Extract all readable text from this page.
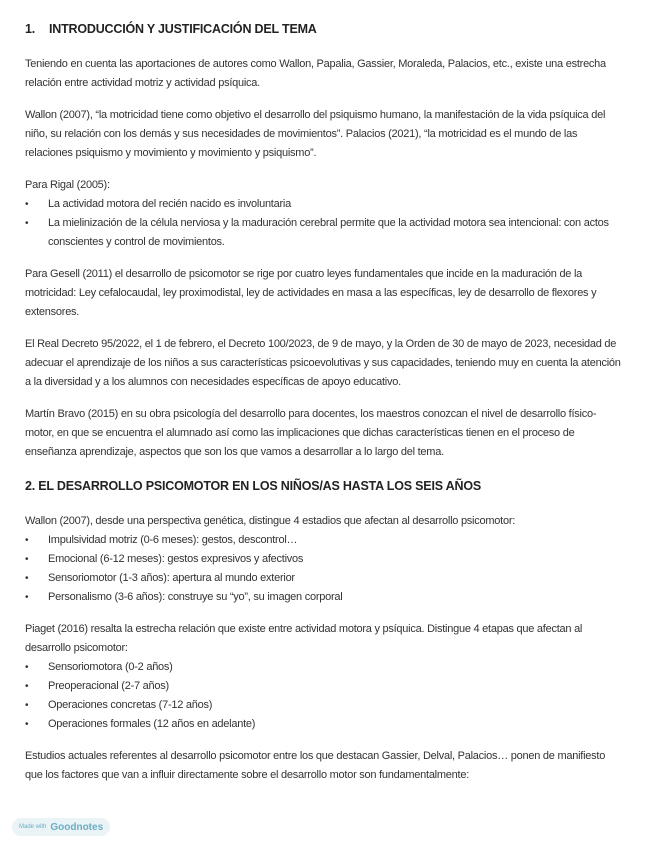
1.	INTRODUCCIÓN Y JUSTIFICACIÓN DEL TEMA

Teniendo en cuenta las aportaciones de autores como Wallon, Papalia, Gassier, Moraleda, Palacios, etc., existe una estrecha relación entre actividad motriz y actividad psíquica.

Wallon (2007), “la motricidad tiene como objetivo el desarrollo del psiquismo humano, la manifestación de la vida psíquica del niño, su relación con los demás y sus necesidades de movimientos”. Palacios (2021), “la motricidad es el mundo de las relaciones psiquismo y movimiento y movimiento y psiquismo”.

Para Rigal (2005):

• La actividad motora del recién nacido es involuntaria
• La mielinización de la célula nerviosa y la maduración cerebral permite que la actividad motora sea intencional: con actos conscientes y control de movimientos.

Para Gesell (2011) el desarrollo de psicomotor se rige por cuatro leyes fundamentales que incide en la maduración de la motricidad: Ley cefalocaudal, ley proximodistal, ley de actividades en masa a las específicas, ley de desarrollo de flexores y extensores.

El Real Decreto 95/2022, el 1 de febrero, el Decreto 100/2023, de 9 de mayo, y la Orden de 30 de mayo de 2023, necesidad de adecuar el aprendizaje de los niños a sus características psicoevolutivas y sus capacidades, teniendo muy en cuenta la atención a la diversidad y a los alumnos con necesidades específicas de apoyo educativo.

Martín Bravo (2015) en su obra psicología del desarrollo para docentes, los maestros conozcan el nivel de desarrollo físico-motor, en que se encuentra el alumnado así como las implicaciones que dichas características tienen en el proceso de enseñanza aprendizaje, aspectos que son los que vamos a desarrollar a lo largo del tema.

2. EL DESARROLLO PSICOMOTOR EN LOS NIÑOS/AS HASTA LOS SEIS AÑOS

Wallon (2007), desde una perspectiva genética, distingue 4 estadios que afectan al desarrollo psicomotor:

• Impulsividad motriz (0-6 meses): gestos, descontrol…
• Emocional (6-12 meses): gestos expresivos y afectivos
• Sensoriomotor (1-3 años): apertura al mundo exterior
• Personalismo (3-6 años): construye su “yo”, su imagen corporal

Piaget (2016) resalta la estrecha relación que existe entre actividad motora y psíquica. Distingue 4 etapas que afectan al desarrollo psicomotor:

• Sensoriomotora (0-2 años)
• Preoperacional (2-7 años)
• Operaciones concretas (7-12 años)
• Operaciones formales (12 años en adelante)

Estudios actuales referentes al desarrollo psicomotor entre los que destacan Gassier, Delval, Palacios… ponen de manifiesto que los factores que van a influir directamente sobre el desarrollo motor son fundamentalmente:

Made with Goodnotes
